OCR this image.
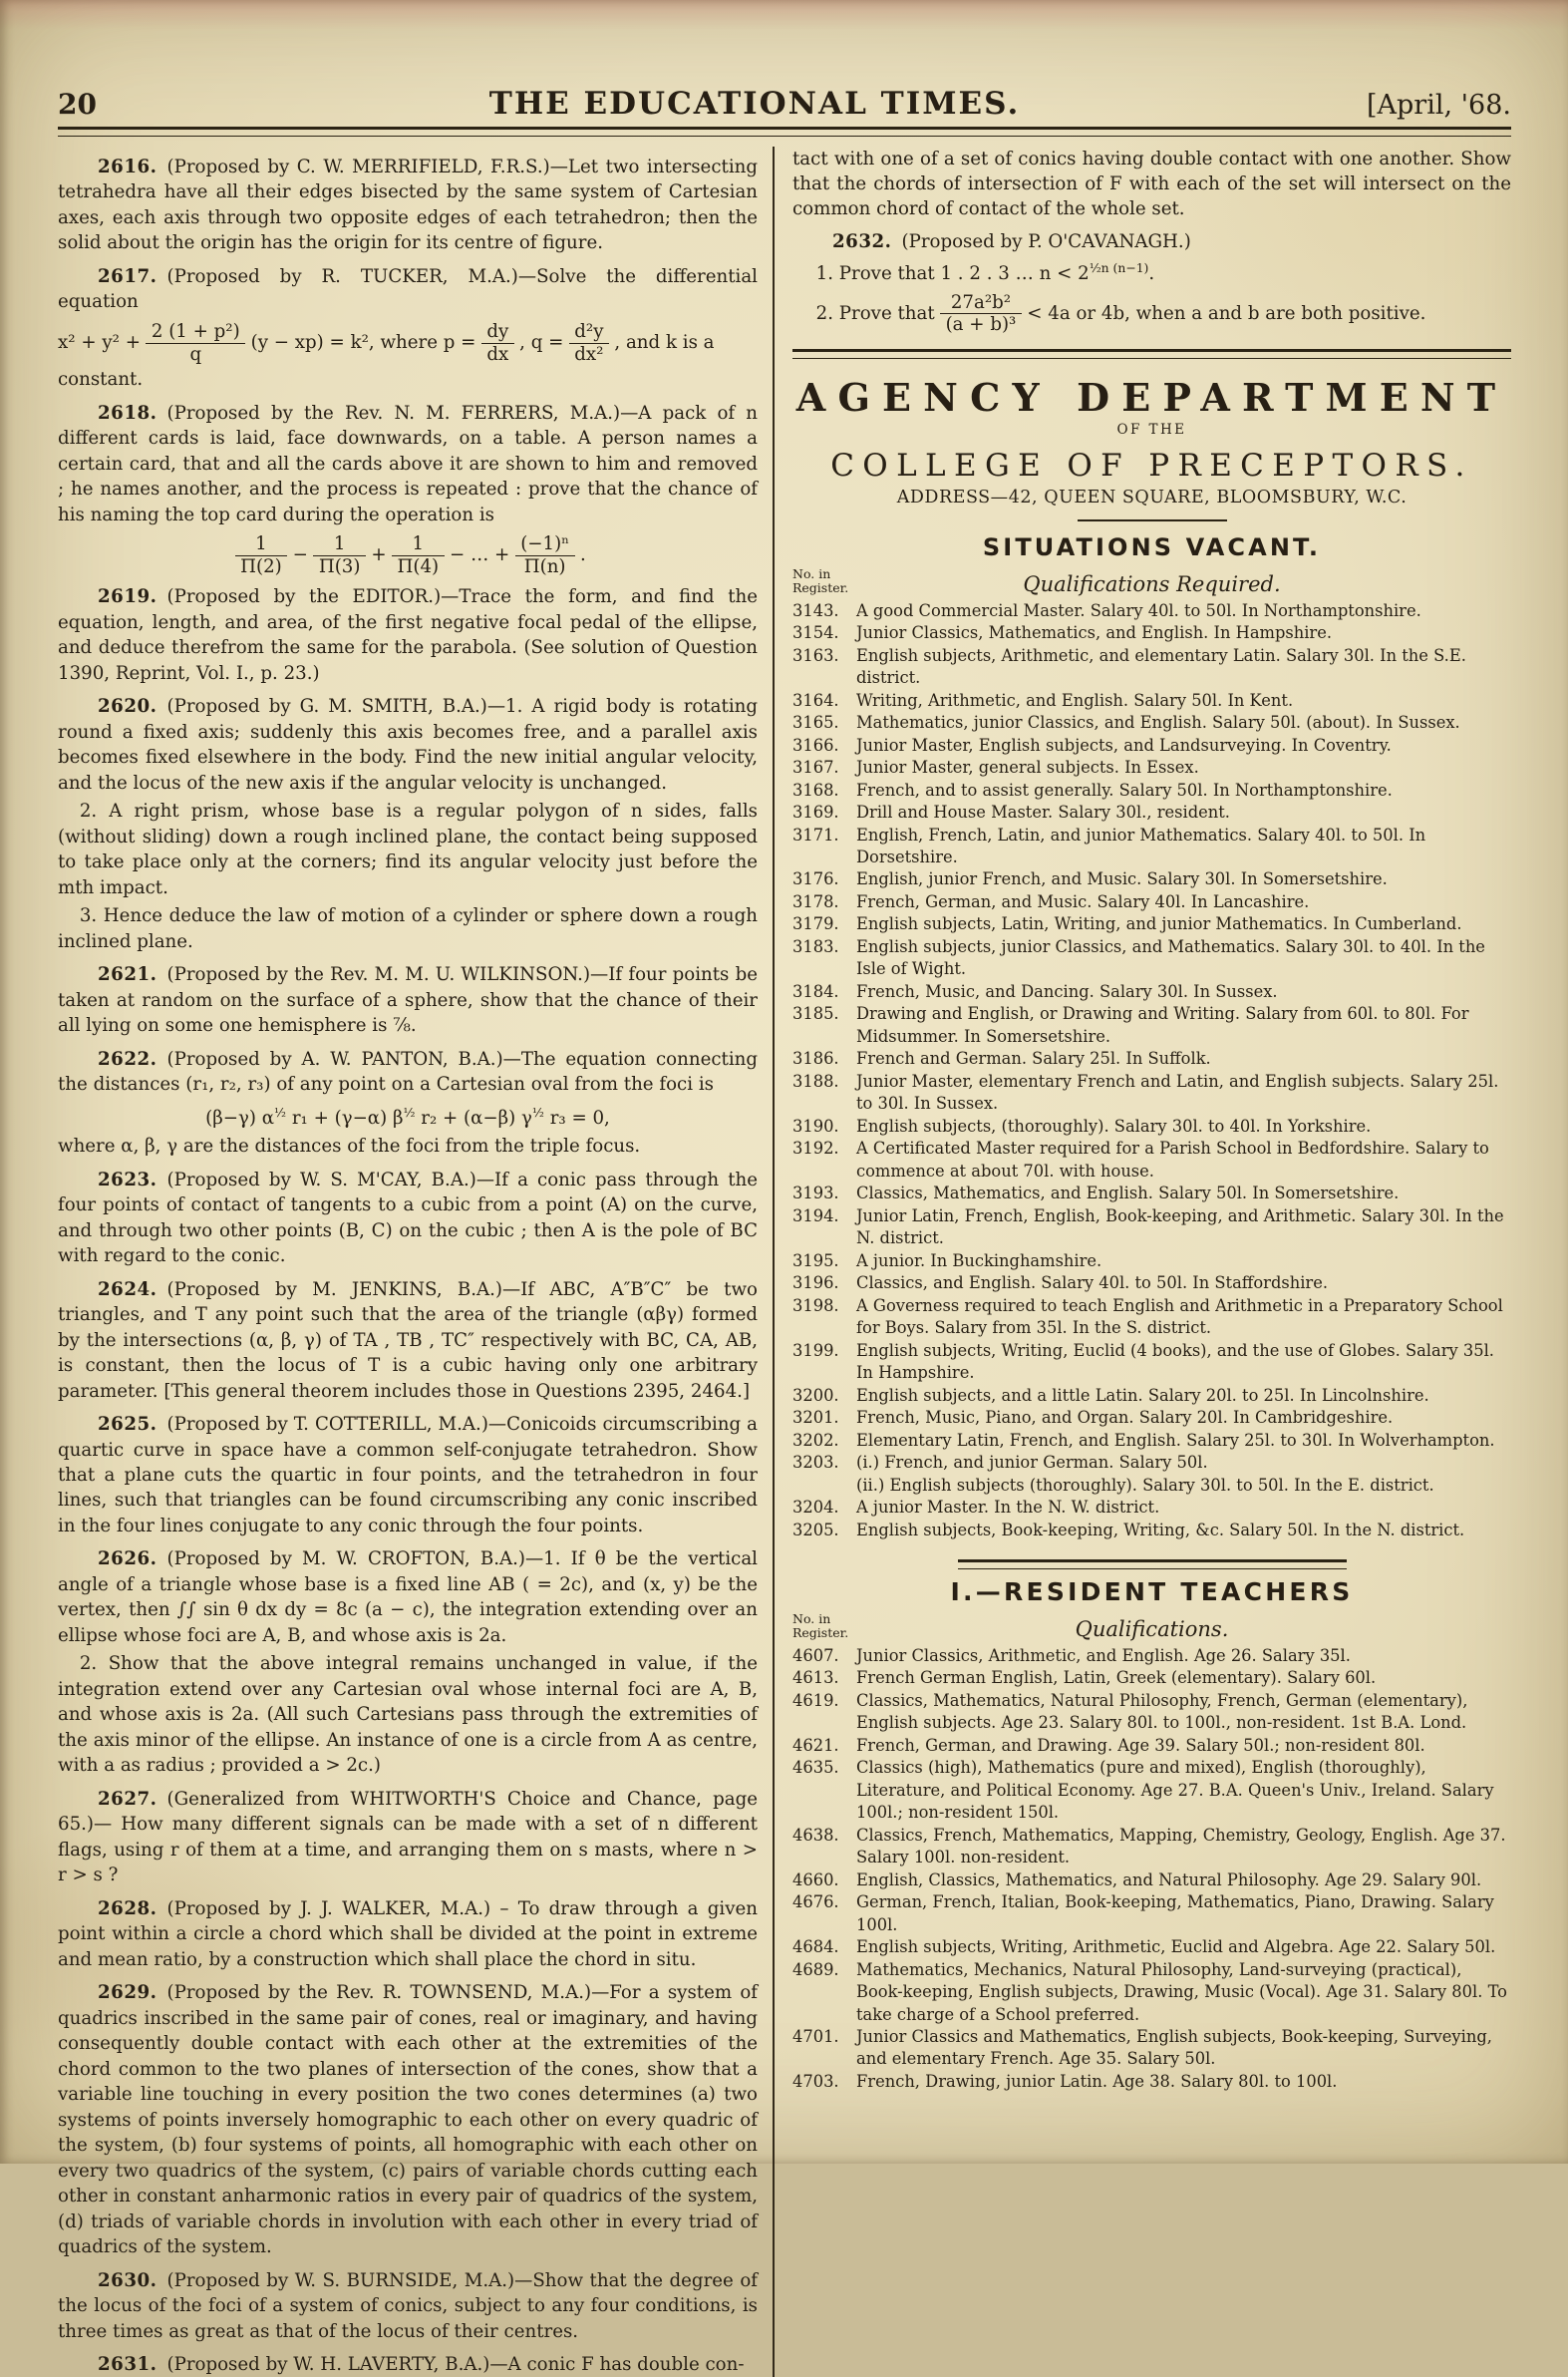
20	THE EDUCATIONAL TIMES.	[April, '68.

2616. (Proposed by C. W. MERRIFIELD, F.R.S.)—Let two intersecting tetrahedra have all their edges bisected by the same system of Cartesian axes, each axis through two opposite edges of each tetrahedron; then the solid about the origin has the origin for its centre of figure.

2617. (Proposed by R. TUCKER, M.A.)—Solve the differential equation

$x^2 + y^2 + \frac{\text{2 (1 + p²)}}{q} (y - xp) = k^2$, where $p = \frac{dy}{dx}$ , $q = \frac{\text{d²y}}{\text{dx²}}$ , and k is a

constant.

2618. (Proposed by the Rev. N. M. FERRERS, M.A.)—A pack of n different cards is laid, face downwards, on a table. A person names a certain card, that and all the cards above it are shown to him and removed ; he names another, and the process is repeated : prove that the chance of his naming the top card during the operation is

$\frac{1}{\Pi(2)} - \frac{1}{\Pi(3)} + \frac{1}{\Pi(4)}$ − … + $\frac{\text{(−1)ⁿ}}{\Pi(n)}$ .

2619. (Proposed by the EDITOR.)—Trace the form, and find the equation, length, and area, of the first negative focal pedal of the ellipse, and deduce therefrom the same for the parabola. (See solution of Question 1390, Reprint, Vol. I., p. 23.)

2620. (Proposed by G. M. SMITH, B.A.)—1. A rigid body is rotating round a fixed axis; suddenly this axis becomes free, and a parallel axis becomes fixed elsewhere in the body. Find the new initial angular velocity, and the locus of the new axis if the angular velocity is unchanged.

2. A right prism, whose base is a regular polygon of n sides, falls (without sliding) down a rough inclined plane, the contact being supposed to take place only at the corners; find its angular velocity just before the mth impact.

3. Hence deduce the law of motion of a cylinder or sphere down a rough inclined plane.

2621. (Proposed by the Rev. M. M. U. WILKINSON.)—If four points be taken at random on the surface of a sphere, show that the chance of their all lying on some one hemisphere is ⅞.

2622. (Proposed by A. W. PANTON, B.A.)—The equation connecting the distances (r₁, r₂, r₃) of any point on a Cartesian oval from the foci is

(β−γ) $\alpha^{\frac{1}{2}}$ r₁ + (γ−α) $\beta^{\frac{1}{2}}$ r₂ + (α−β) $\gamma^{\frac{1}{2}}$ r₃ = 0,

where α, β, γ are the distances of the foci from the triple focus.

2623. (Proposed by W. S. M'CAY, B.A.)—If a conic pass through the four points of contact of tangents to a cubic from a point (A) on the curve, and through two other points (B, C) on the cubic ; then A is the pole of BC with regard to the conic.

2624. (Proposed by M. JENKINS, B.A.)—If ABC, A″B″C″ be two triangles, and T any point such that the area of the triangle (αβγ) formed by the intersections (α, β, γ) of TA , TB , TC″ respectively with BC, CA, AB, is constant, then the locus of T is a cubic having only one arbitrary parameter. [This general theorem includes those in Questions 2395, 2464.]

2625. (Proposed by T. COTTERILL, M.A.)—Conicoids circumscribing a quartic curve in space have a common self-conjugate tetrahedron. Show that a plane cuts the quartic in four points, and the tetrahedron in four lines, such that triangles can be found circumscribing any conic inscribed in the four lines conjugate to any conic through the four points.

2626. (Proposed by M. W. CROFTON, B.A.)—1. If θ be the vertical angle of a triangle whose base is a fixed line AB ( = 2c), and (x, y) be the vertex, then ∫∫ sin θ dx dy = 8c (a − c), the integration extending over an ellipse whose foci are A, B, and whose axis is 2a.

2. Show that the above integral remains unchanged in value, if the integration extend over any Cartesian oval whose internal foci are A, B, and whose axis is 2a. (All such Cartesians pass through the extremities of the axis minor of the ellipse. An instance of one is a circle from A as centre, with a as radius ; provided a > 2c.)

2627. (Generalized from WHITWORTH'S Choice and Chance, page 65.)— How many different signals can be made with a set of n different flags, using r of them at a time, and arranging them on s masts, where n > r > s ?

2628. (Proposed by J. J. WALKER, M.A.) – To draw through a given point within a circle a chord which shall be divided at the point in extreme and mean ratio, by a construction which shall place the chord in situ.

2629. (Proposed by the Rev. R. TOWNSEND, M.A.)—For a system of quadrics inscribed in the same pair of cones, real or imaginary, and having consequently double contact with each other at the extremities of the chord common to the two planes of intersection of the cones, show that a variable line touching in every position the two cones determines (a) two systems of points inversely homographic to each other on every quadric of the system, (b) four systems of points, all homographic with each other on every two quadrics of the system, (c) pairs of variable chords cutting each other in constant anharmonic ratios in every pair of quadrics of the system, (d) triads of variable chords in involution with each other in every triad of quadrics of the system.

2630. (Proposed by W. S. BURNSIDE, M.A.)—Show that the degree of the locus of the foci of a system of conics, subject to any four conditions, is three times as great as that of the locus of their centres.

2631. (Proposed by W. H. LAVERTY, B.A.)—A conic F has double con-

tact with one of a set of conics having double contact with one another. Show that the chords of intersection of F with each of the set will intersect on the common chord of contact of the whole set.

2632. (Proposed by P. O'CAVANAGH.)

1. Prove that 1 . 2 . 3 … $n < 2^{\frac{1}{2}n (n-1)}$.

2. Prove that $\frac{\text{27a²b²}}{\text{(a + b)³}} < 4a$ or 4b, when a and b are both positive.

AGENCY DEPARTMENT
OF THE
COLLEGE OF PRECEPTORS.
ADDRESS—42, QUEEN SQUARE, BLOOMSBURY, W.C.
SITUATIONS VACANT.
No. in
Register.	Qualifications Required.

3143. A good Commercial Master. Salary 40l. to 50l. In Northamptonshire.

3154. Junior Classics, Mathematics, and English. In Hampshire.

3163. English subjects, Arithmetic, and elementary Latin. Salary 30l. In the S.E. district.

3164. Writing, Arithmetic, and English. Salary 50l. In Kent.

3165. Mathematics, junior Classics, and English. Salary 50l. (about). In Sussex.

3166. Junior Master, English subjects, and Landsurveying. In Coventry.

3167. Junior Master, general subjects. In Essex.

3168. French, and to assist generally. Salary 50l. In Northamptonshire.

3169. Drill and House Master. Salary 30l., resident.

3171. English, French, Latin, and junior Mathematics. Salary 40l. to 50l. In Dorsetshire.

3176. English, junior French, and Music. Salary 30l. In Somersetshire.

3178. French, German, and Music. Salary 40l. In Lancashire.

3179. English subjects, Latin, Writing, and junior Mathematics. In Cumberland.

3183. English subjects, junior Classics, and Mathematics. Salary 30l. to 40l. In the Isle of Wight.

3184. French, Music, and Dancing. Salary 30l. In Sussex.

3185. Drawing and English, or Drawing and Writing. Salary from 60l. to 80l. For Midsummer. In Somersetshire.

3186. French and German. Salary 25l. In Suffolk.

3188. Junior Master, elementary French and Latin, and English subjects. Salary 25l. to 30l. In Sussex.

3190. English subjects, (thoroughly). Salary 30l. to 40l. In Yorkshire.

3192. A Certificated Master required for a Parish School in Bedfordshire. Salary to commence at about 70l. with house.

3193. Classics, Mathematics, and English. Salary 50l. In Somersetshire.

3194. Junior Latin, French, English, Book-keeping, and Arithmetic. Salary 30l. In the N. district.

3195. A junior. In Buckinghamshire.

3196. Classics, and English. Salary 40l. to 50l. In Staffordshire.

3198. A Governess required to teach English and Arithmetic in a Preparatory School for Boys. Salary from 35l. In the S. district.

3199. English subjects, Writing, Euclid (4 books), and the use of Globes. Salary 35l. In Hampshire.

3200. English subjects, and a little Latin. Salary 20l. to 25l. In Lincolnshire.

3201. French, Music, Piano, and Organ. Salary 20l. In Cambridgeshire.

3202. Elementary Latin, French, and English. Salary 25l. to 30l. In Wolverhampton.

3203. (i.) French, and junior German. Salary 50l.

(ii.) English subjects (thoroughly). Salary 30l. to 50l. In the E. district.

3204. A junior Master. In the N. W. district.

3205. English subjects, Book-keeping, Writing, &c. Salary 50l. In the N. district.

I.—RESIDENT TEACHERS
No. in
Register.	Qualifications.

4607. Junior Classics, Arithmetic, and English. Age 26. Salary 35l.

4613. French German English, Latin, Greek (elementary). Salary 60l.

4619. Classics, Mathematics, Natural Philosophy, French, German (elementary), English subjects. Age 23. Salary 80l. to 100l., non-resident. 1st B.A. Lond.

4621. French, German, and Drawing. Age 39. Salary 50l.; non-resident 80l.

4635. Classics (high), Mathematics (pure and mixed), English (thoroughly), Literature, and Political Economy. Age 27. B.A. Queen's Univ., Ireland. Salary 100l.; non-resident 150l.

4638. Classics, French, Mathematics, Mapping, Chemistry, Geology, English. Age 37. Salary 100l. non-resident.

4660. English, Classics, Mathematics, and Natural Philosophy. Age 29. Salary 90l.

4676. German, French, Italian, Book-keeping, Mathematics, Piano, Drawing. Salary 100l.

4684. English subjects, Writing, Arithmetic, Euclid and Algebra. Age 22. Salary 50l.

4689. Mathematics, Mechanics, Natural Philosophy, Land-surveying (practical), Book-keeping, English subjects, Drawing, Music (Vocal). Age 31. Salary 80l. To take charge of a School preferred.

4701. Junior Classics and Mathematics, English subjects, Book-keeping, Surveying, and elementary French. Age 35. Salary 50l.

4703. French, Drawing, junior Latin. Age 38. Salary 80l. to 100l.
